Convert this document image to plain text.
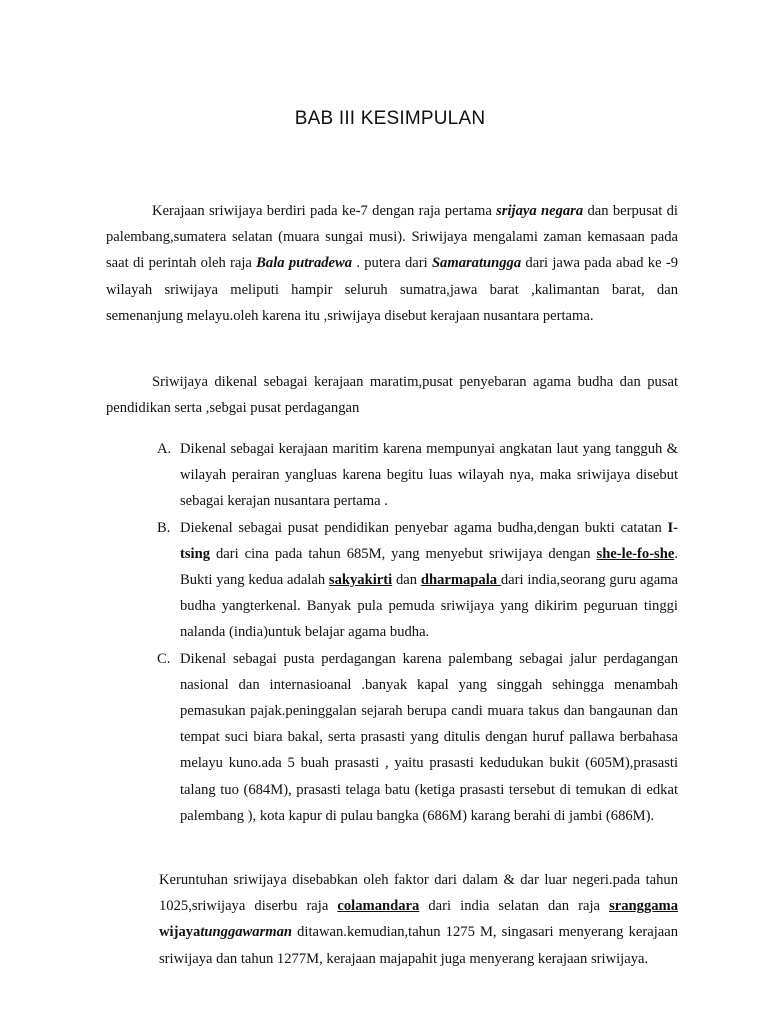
BAB III KESIMPULAN

Kerajaan sriwijaya berdiri pada ke-7 dengan raja pertama srijaya negara dan berpusat di palembang,sumatera selatan (muara sungai musi). Sriwijaya mengalami zaman kemasaan pada saat di perintah oleh raja Bala putradewa . putera dari Samaratungga dari jawa pada abad ke -9 wilayah sriwijaya meliputi hampir seluruh sumatra,jawa barat ,kalimantan barat, dan semenanjung melayu.oleh karena itu ,sriwijaya disebut kerajaan nusantara pertama.

Sriwijaya dikenal sebagai kerajaan maratim,pusat penyebaran agama budha dan pusat pendidikan serta ,sebgai pusat perdagangan

A. Dikenal sebagai kerajaan maritim karena mempunyai angkatan laut yang tangguh & wilayah perairan yangluas karena begitu luas wilayah nya, maka sriwijaya disebut sebagai kerajan nusantara pertama .
B. Diekenal sebagai pusat pendidikan penyebar agama budha,dengan bukti catatan I-tsing dari cina pada tahun 685M, yang menyebut sriwijaya dengan she-le-fo-she. Bukti yang kedua adalah sakyakirti dan dharmapala dari india,seorang guru agama budha yangterkenal. Banyak pula pemuda sriwijaya yang dikirim peguruan tinggi nalanda (india)untuk belajar agama budha.
C. Dikenal sebagai pusta perdagangan karena palembang sebagai jalur perdagangan nasional dan internasioanal .banyak kapal yang singgah sehingga menambah pemasukan pajak.peninggalan sejarah berupa candi muara takus dan bangaunan dan tempat suci biara bakal, serta prasasti yang ditulis dengan huruf pallawa berbahasa melayu kuno.ada 5 buah prasasti , yaitu prasasti kedudukan bukit (605M),prasasti talang tuo (684M), prasasti telaga batu (ketiga prasasti tersebut di temukan di edkat palembang ), kota kapur di pulau bangka (686M) karang berahi di jambi (686M).

Keruntuhan sriwijaya disebabkan oleh faktor dari dalam & dar luar negeri.pada tahun 1025,sriwijaya diserbu raja colamandara dari india selatan dan raja sranggama wijayatunggawarman ditawan.kemudian,tahun 1275 M, singasari menyerang kerajaan sriwijaya dan tahun 1277M, kerajaan majapahit juga menyerang kerajaan sriwijaya.
